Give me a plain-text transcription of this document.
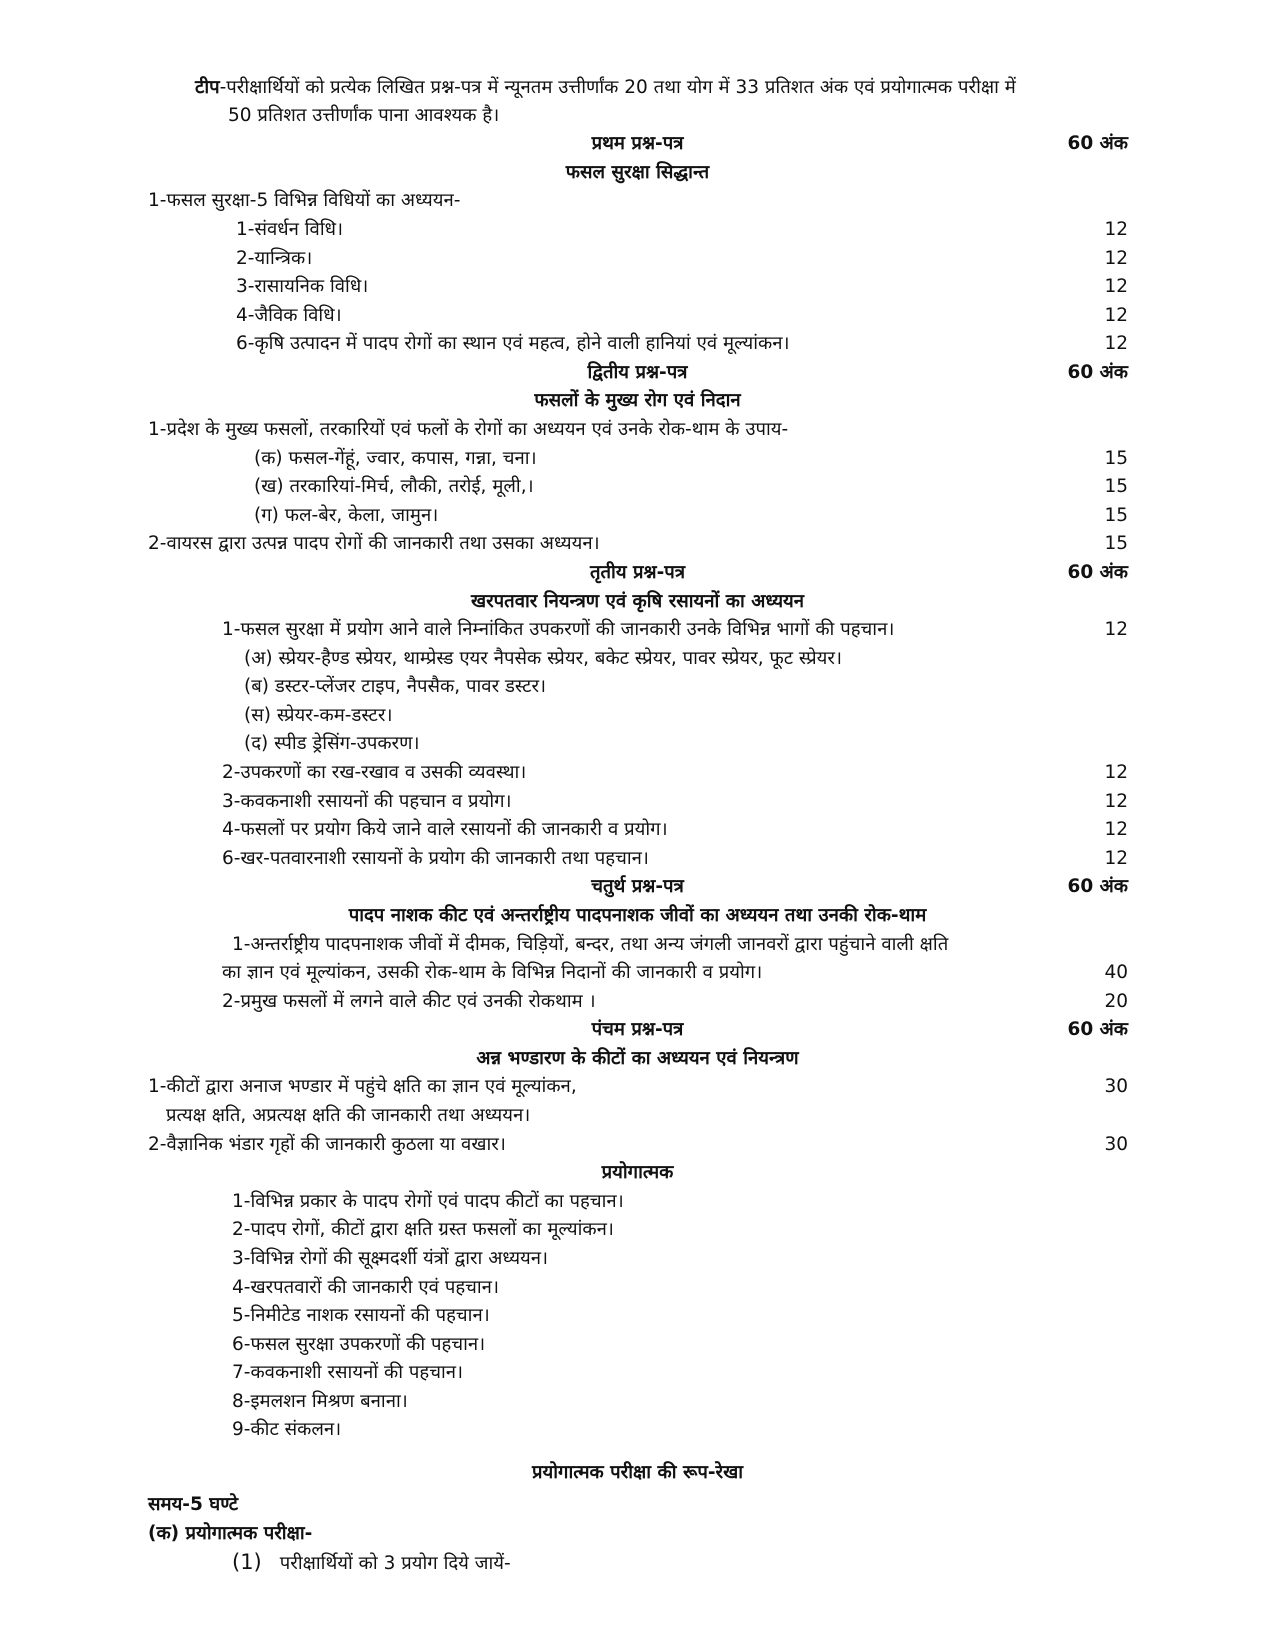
टीप-परीक्षार्थियों को प्रत्येक लिखित प्रश्न-पत्र में न्यूनतम उत्तीर्णांक 20 तथा योग में 33 प्रतिशत अंक एवं प्रयोगात्मक परीक्षा में
50 प्रतिशत उत्तीर्णांक पाना आवश्यक है।
प्रथम प्रश्न-पत्र	60 अंक
फसल सुरक्षा सिद्धान्त
1-फसल सुरक्षा-5 विभिन्न विधियों का अध्ययन-
1-संवर्धन विधि।	12
2-यान्त्रिक।	12
3-रासायनिक विधि।	12
4-जैविक विधि।	12
6-कृषि उत्पादन में पादप रोगों का स्थान एवं महत्व, होने वाली हानियां एवं मूल्यांकन।	12
द्वितीय प्रश्न-पत्र	60 अंक
फसलों के मुख्य रोग एवं निदान
1-प्रदेश के मुख्य फसलों, तरकारियों एवं फलों के रोगों का अध्ययन एवं उनके रोक-थाम के उपाय-
(क) फसल-गेंहूं, ज्वार, कपास, गन्ना, चना।	15
(ख) तरकारियां-मिर्च, लौकी, तरोई, मूली,।	15
(ग) फल-बेर, केला, जामुन।	15
2-वायरस द्वारा उत्पन्न पादप रोगों की जानकारी तथा उसका अध्ययन।	15
तृतीय प्रश्न-पत्र	60 अंक
खरपतवार नियन्त्रण एवं कृषि रसायनों का अध्ययन
1-फसल सुरक्षा में प्रयोग आने वाले निम्नांकित उपकरणों की जानकारी उनके विभिन्न भागों की पहचान।	12
(अ) स्प्रेयर-हैण्ड स्प्रेयर, थाम्प्रेस्ड एयर नैपसेक स्प्रेयर, बकेट स्प्रेयर, पावर स्प्रेयर, फूट स्प्रेयर।
(ब) डस्टर-प्लेंजर टाइप, नैपसैक, पावर डस्टर।
(स) स्प्रेयर-कम-डस्टर।
(द) स्पीड ड्रेसिंग-उपकरण।
2-उपकरणों का रख-रखाव व उसकी व्यवस्था।	12
3-कवकनाशी रसायनों की पहचान व प्रयोग।	12
4-फसलों पर प्रयोग किये जाने वाले रसायनों की जानकारी व प्रयोग।	12
6-खर-पतवारनाशी रसायनों के प्रयोग की जानकारी तथा पहचान।	12
चतुर्थ प्रश्न-पत्र	60 अंक
पादप नाशक कीट एवं अन्तर्राष्ट्रीय पादपनाशक जीवों का अध्ययन तथा उनकी रोक-थाम
1-अन्तर्राष्ट्रीय पादपनाशक जीवों में दीमक, चिड़ियों, बन्दर, तथा अन्य जंगली जानवरों द्वारा पहुंचाने वाली क्षति
का ज्ञान एवं मूल्यांकन, उसकी रोक-थाम के विभिन्न निदानों की जानकारी व प्रयोग।	40
2-प्रमुख फसलों में लगने वाले कीट एवं उनकी रोकथाम ।	20
पंचम प्रश्न-पत्र	60 अंक
अन्न भण्डारण के कीटों का अध्ययन एवं नियन्त्रण
1-कीटों द्वारा अनाज भण्डार में पहुंचे क्षति का ज्ञान एवं मूल्यांकन,	30
प्रत्यक्ष क्षति, अप्रत्यक्ष क्षति की जानकारी तथा अध्ययन।
2-वैज्ञानिक भंडार गृहों की जानकारी कुठला या वखार।	30
प्रयोगात्मक
1-विभिन्न प्रकार के पादप रोगों एवं पादप कीटों का पहचान।
2-पादप रोगों, कीटों द्वारा क्षति ग्रस्त फसलों का मूल्यांकन।
3-विभिन्न रोगों की सूक्ष्मदर्शी यंत्रों द्वारा अध्ययन।
4-खरपतवारों की जानकारी एवं पहचान।
5-निमीटेड नाशक रसायनों की पहचान।
6-फसल सुरक्षा उपकरणों की पहचान।
7-कवकनाशी रसायनों की पहचान।
8-इमलशन मिश्रण बनाना।
9-कीट संकलन।
प्रयोगात्मक परीक्षा की रूप-रेखा
समय-5 घण्टे
(क) प्रयोगात्मक परीक्षा-
(1) परीक्षार्थियों को 3 प्रयोग दिये जायें-
